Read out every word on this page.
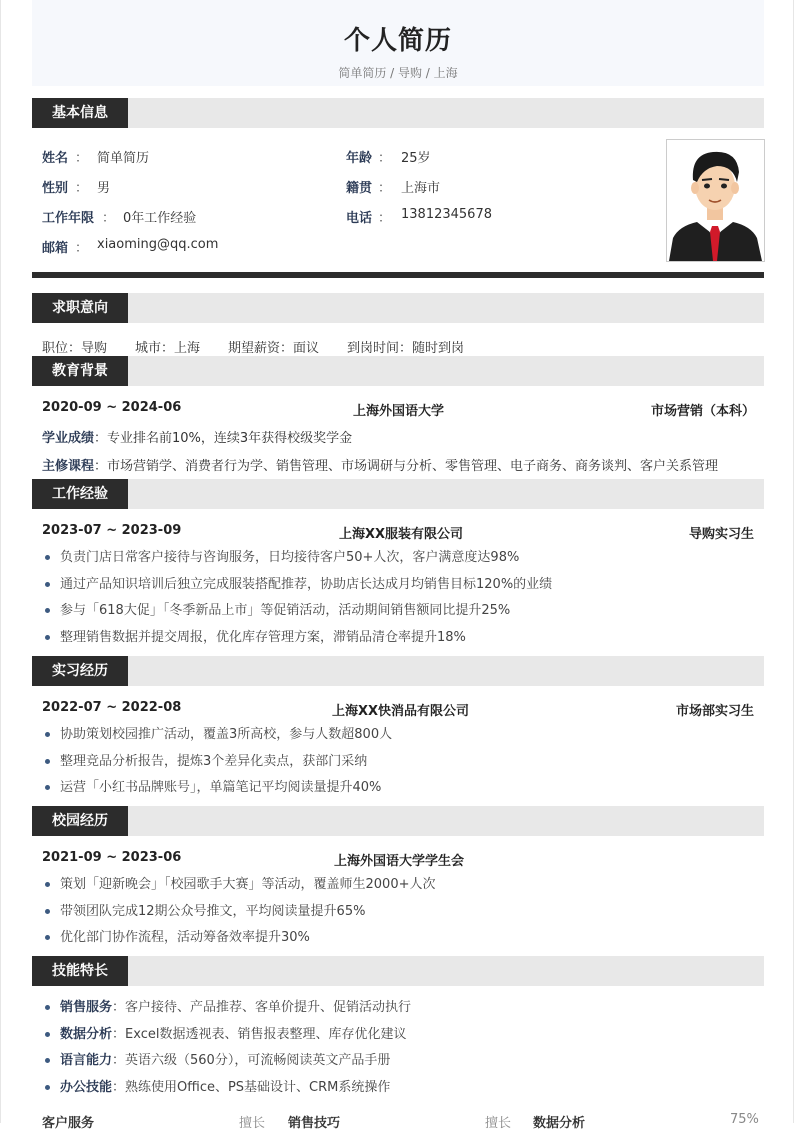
个人简历
简单简历 / 导购 / 上海
基本信息
姓名 ： 简单简历	年龄 ： 25岁
性别 ： 男	籍贯 ： 上海市
工作年限 ： 0年工作经验	电话 ： 13812345678
邮箱 ： xiaoming@qq.com
求职意向
职位：导购 城市：上海 期望薪资：面议 到岗时间：随时到岗
教育背景
2020-09 ~ 2024-06	上海外国语大学	市场营销（本科）
学业成绩：专业排名前10%，连续3年获得校级奖学金
主修课程：市场营销学、消费者行为学、销售管理、市场调研与分析、零售管理、电子商务、商务谈判、客户关系管理
工作经验
2023-07 ~ 2023-09	上海XX服装有限公司	导购实习生
负责门店日常客户接待与咨询服务，日均接待客户50+人次，客户满意度达98%
通过产品知识培训后独立完成服装搭配推荐，协助店长达成月均销售目标120%的业绩
参与「618大促」「冬季新品上市」等促销活动，活动期间销售额同比提升25%
整理销售数据并提交周报，优化库存管理方案，滞销品清仓率提升18%
实习经历
2022-07 ~ 2022-08	上海XX快消品有限公司	市场部实习生
协助策划校园推广活动，覆盖3所高校，参与人数超800人
整理竞品分析报告，提炼3个差异化卖点，获部门采纳
运营「小红书品牌账号」，单篇笔记平均阅读量提升40%
校园经历
2021-09 ~ 2023-06	上海外国语大学学生会
策划「迎新晚会」「校园歌手大赛」等活动，覆盖师生2000+人次
带领团队完成12期公众号推文，平均阅读量提升65%
优化部门协作流程，活动筹备效率提升30%
技能特长
销售服务：客户接待、产品推荐、客单价提升、促销活动执行
数据分析：Excel数据透视表、销售报表整理、库存优化建议
语言能力：英语六级（560分），可流畅阅读英文产品手册
办公技能：熟练使用Office、PS基础设计、CRM系统操作
客户服务	擅长 销售技巧	擅长 数据分析	75%
